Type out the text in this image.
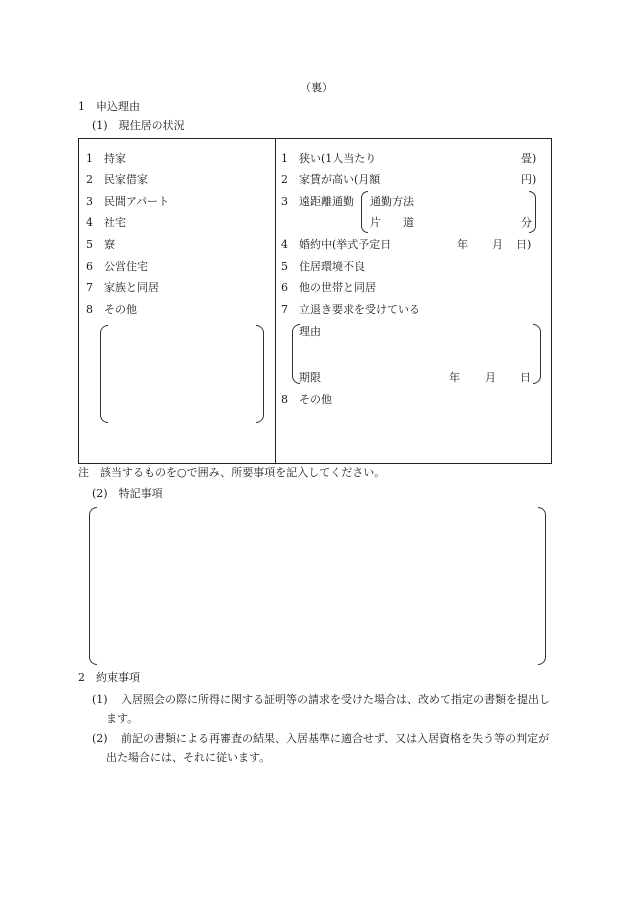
（裏）
1　申込理由
(1)　現住居の状況
1 持家
2 民家借家
3 民間アパート
4 社宅
5 寮
6 公営住宅
7 家族と同居
8 その他
1 狭い(1人当たり	畳)
2 家賃が高い(月額	円)
3 遠距離通勤 通勤方法
片　　道	分
4 婚約中(挙式予定日	年 月 日)
5 住居環境不良
6 他の世帯と同居
7 立退き要求を受けている
理由
期限	年 月 日
8 その他
注　該当するものを○で囲み、所要事項を記入してください。
(2)　特記事項
2　約束事項
(1)	入居照会の際に所得に関する証明等の請求を受けた場合は、改めて指定の書類を提出します。
(2)	前記の書類による再審査の結果、入居基準に適合せず、又は入居資格を失う等の判定が出た場合には、それに従います。
